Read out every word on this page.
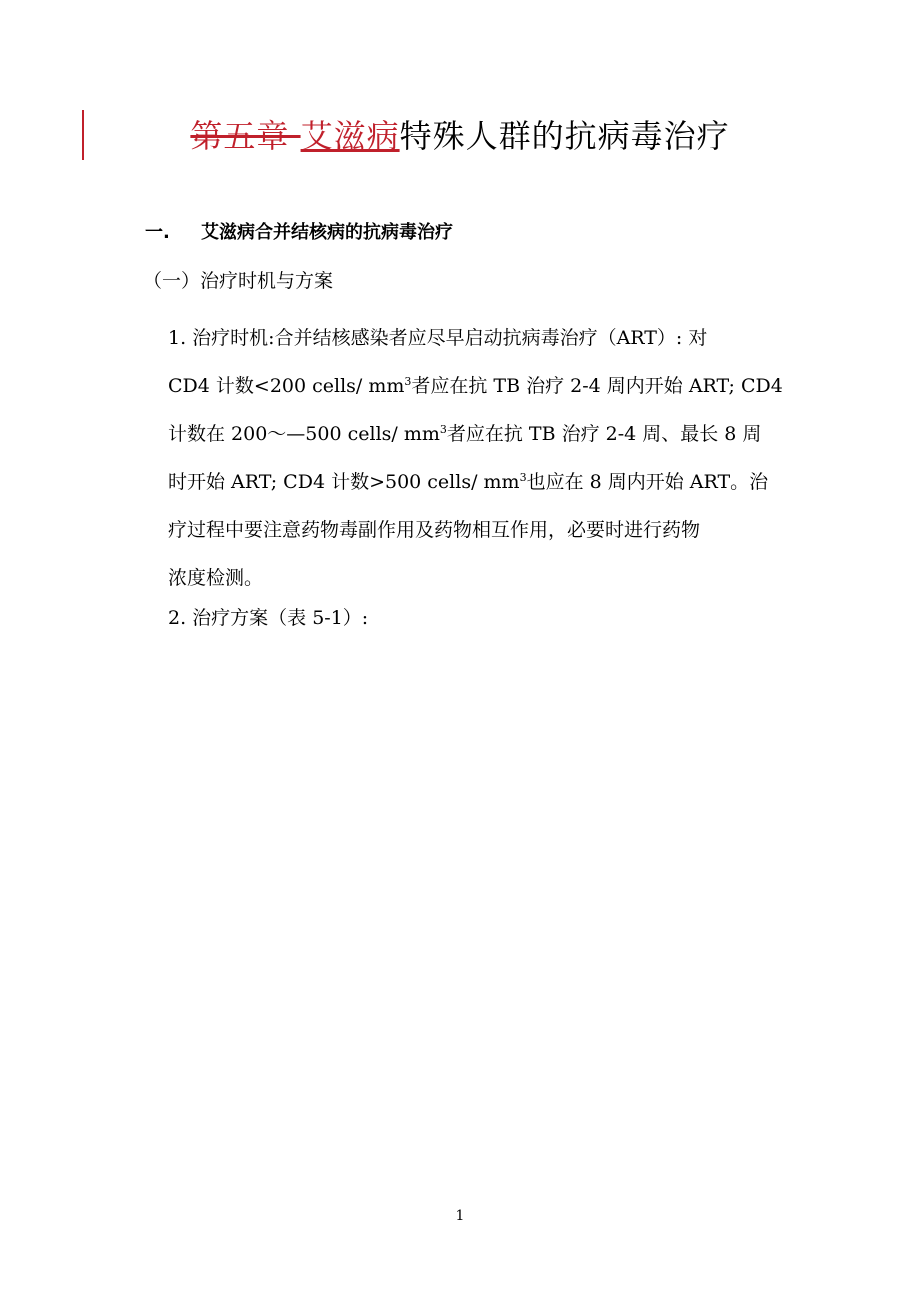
第五章 艾滋病特殊人群的抗病毒治疗
一. 艾滋病合并结核病的抗病毒治疗
（一）治疗时机与方案
1. 治疗时机:合并结核感染者应尽早启动抗病毒治疗（ART）: 对
CD4 计数<200 cells/ $mm^3$者应在抗 TB 治疗 2-4 周内开始 ART; CD4
计数在 200～—500 cells/ $mm^3$者应在抗 TB 治疗 2-4 周、最长 8 周
时开始 ART; CD4 计数>500 cells/ $mm^3$也应在 8 周内开始 ART。治
疗过程中要注意药物毒副作用及药物相互作用，必要时进行药物
浓度检测。
2. 治疗方案（表 5-1）:
1
